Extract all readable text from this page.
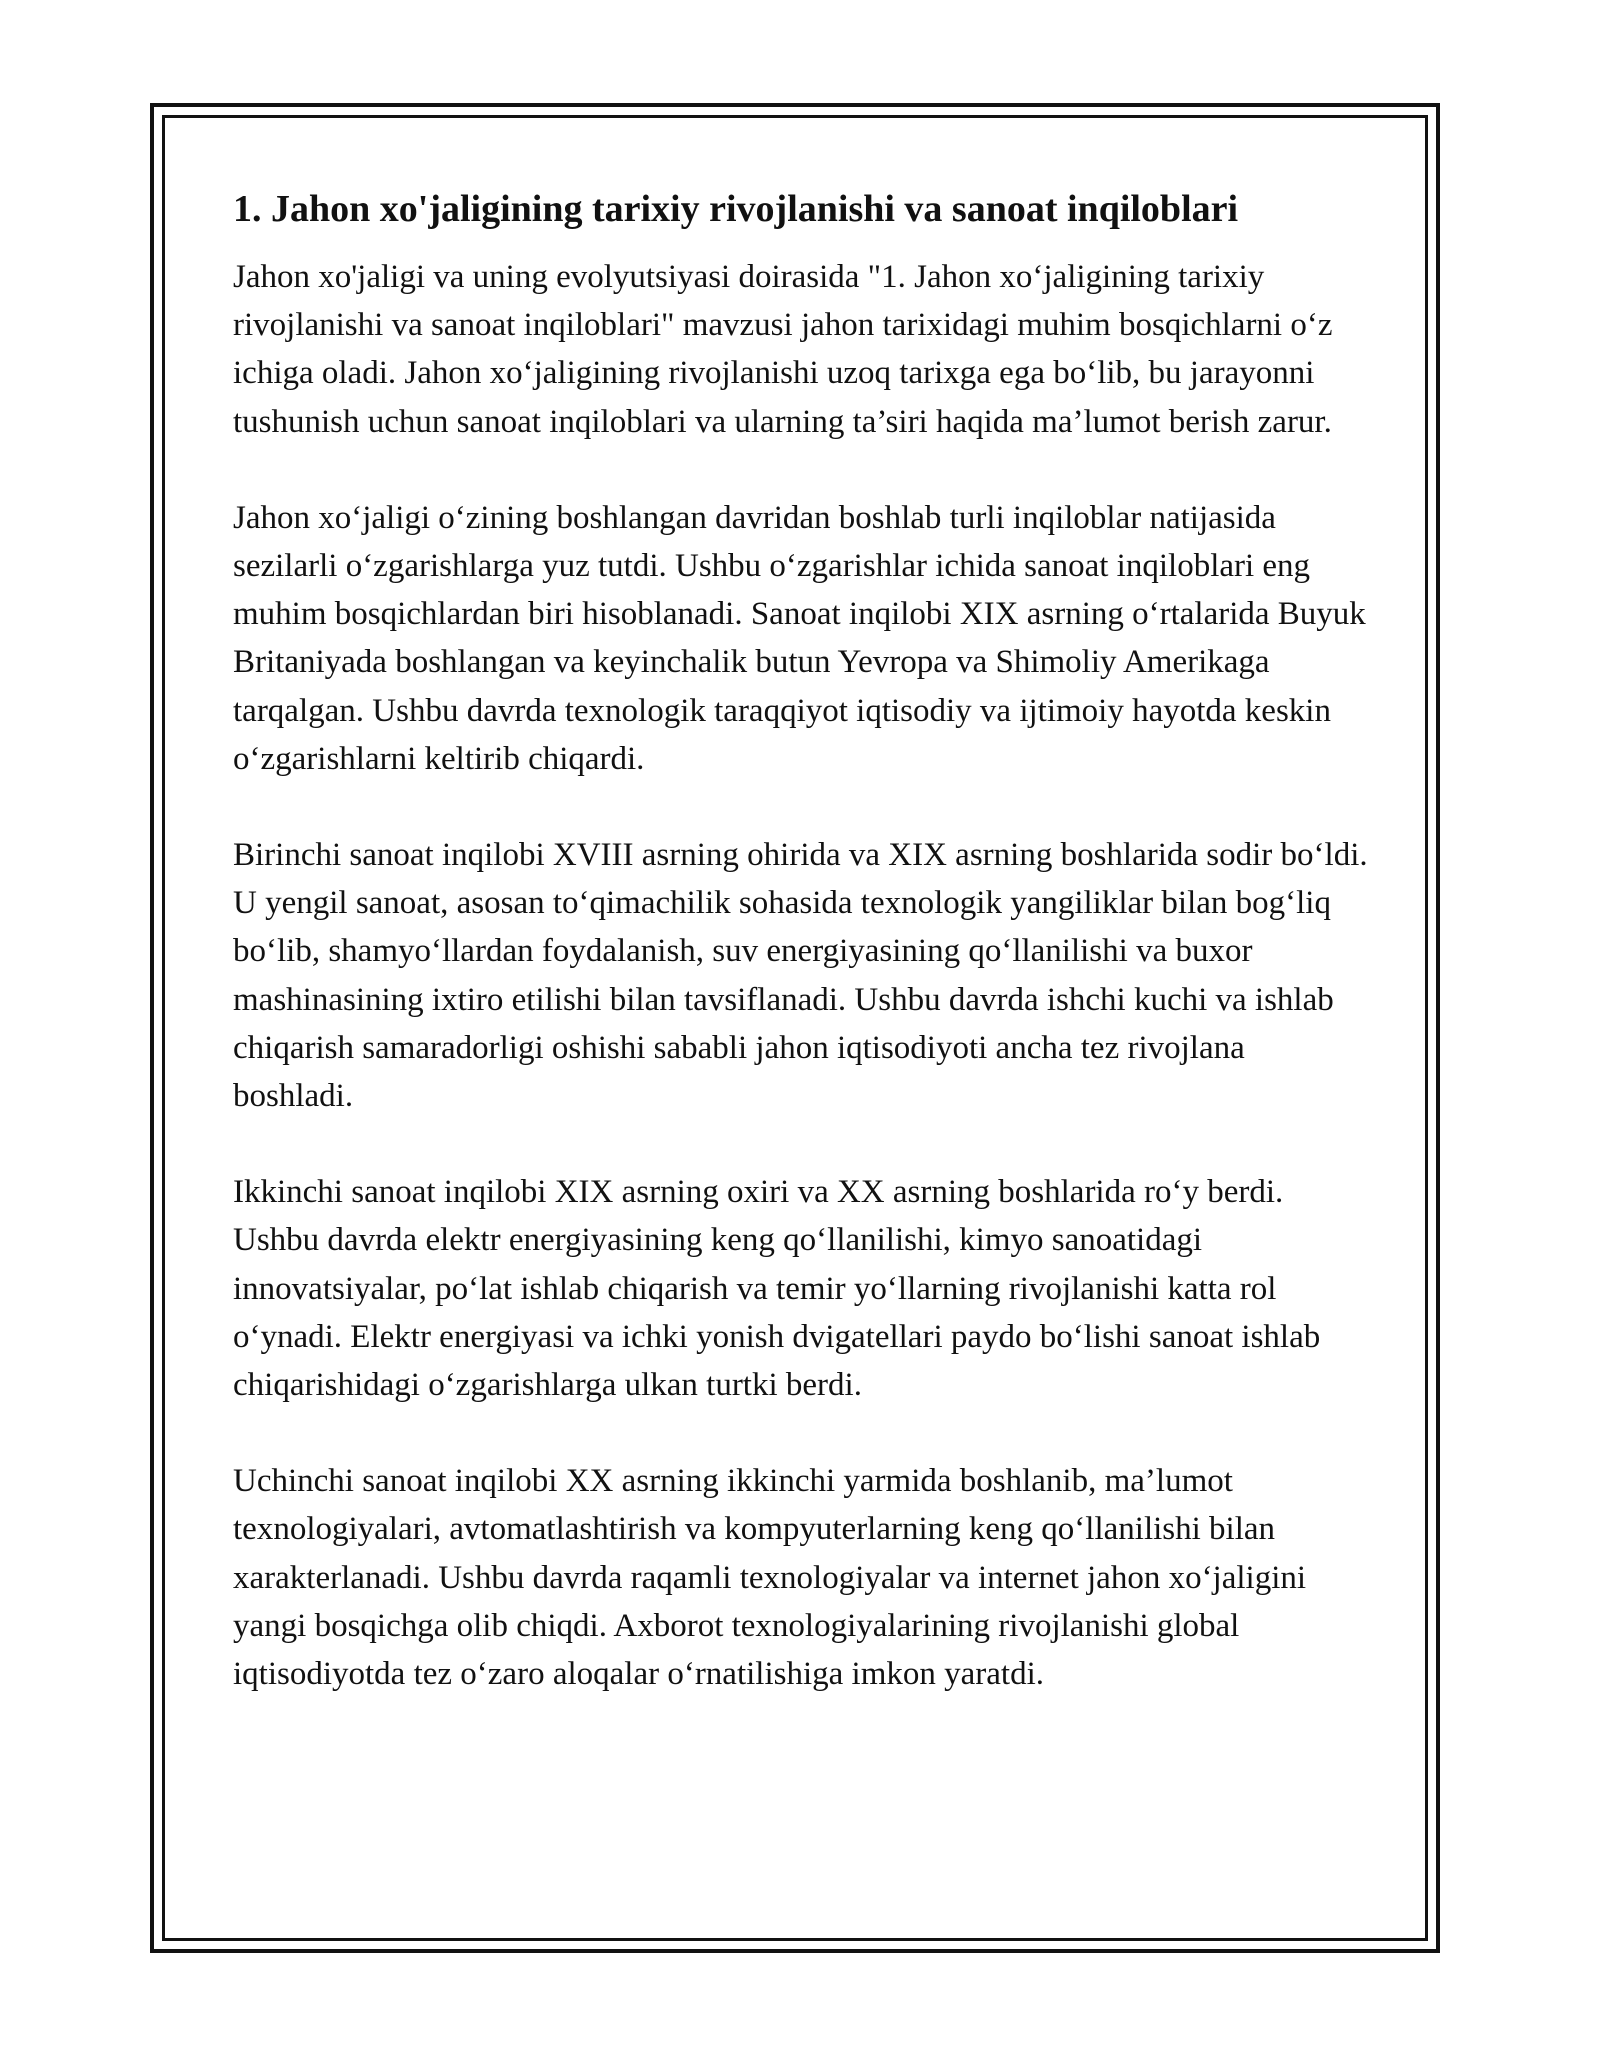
1. Jahon xo'jaligining tarixiy rivojlanishi va sanoat inqiloblari

Jahon xo'jaligi va uning evolyutsiyasi doirasida "1. Jahon xo‘jaligining tarixiy rivojlanishi va sanoat inqiloblari" mavzusi jahon tarixidagi muhim bosqichlarni o‘z ichiga oladi. Jahon xo‘jaligining rivojlanishi uzoq tarixga ega bo‘lib, bu jarayonni tushunish uchun sanoat inqiloblari va ularning ta’siri haqida ma’lumot berish zarur.

Jahon xo‘jaligi o‘zining boshlangan davridan boshlab turli inqiloblar natijasida sezilarli o‘zgarishlarga yuz tutdi. Ushbu o‘zgarishlar ichida sanoat inqiloblari eng muhim bosqichlardan biri hisoblanadi. Sanoat inqilobi XIX asrning o‘rtalarida Buyuk Britaniyada boshlangan va keyinchalik butun Yevropa va Shimoliy Amerikaga tarqalgan. Ushbu davrda texnologik taraqqiyot iqtisodiy va ijtimoiy hayotda keskin o‘zgarishlarni keltirib chiqardi.

Birinchi sanoat inqilobi XVIII asrning ohirida va XIX asrning boshlarida sodir bo‘ldi. U yengil sanoat, asosan to‘qimachilik sohasida texnologik yangiliklar bilan bog‘liq bo‘lib, shamyo‘llardan foydalanish, suv energiyasining qo‘llanilishi va buxor mashinasining ixtiro etilishi bilan tavsiflanadi. Ushbu davrda ishchi kuchi va ishlab chiqarish samaradorligi oshishi sababli jahon iqtisodiyoti ancha tez rivojlana boshladi.

Ikkinchi sanoat inqilobi XIX asrning oxiri va XX asrning boshlarida ro‘y berdi. Ushbu davrda elektr energiyasining keng qo‘llanilishi, kimyo sanoatidagi innovatsiyalar, po‘lat ishlab chiqarish va temir yo‘llarning rivojlanishi katta rol o‘ynadi. Elektr energiyasi va ichki yonish dvigatellari paydo bo‘lishi sanoat ishlab chiqarishidagi o‘zgarishlarga ulkan turtki berdi.

Uchinchi sanoat inqilobi XX asrning ikkinchi yarmida boshlanib, ma’lumot texnologiyalari, avtomatlashtirish va kompyuterlarning keng qo‘llanilishi bilan xarakterlanadi. Ushbu davrda raqamli texnologiyalar va internet jahon xo‘jaligini yangi bosqichga olib chiqdi. Axborot texnologiyalarining rivojlanishi global iqtisodiyotda tez o‘zaro aloqalar o‘rnatilishiga imkon yaratdi.
